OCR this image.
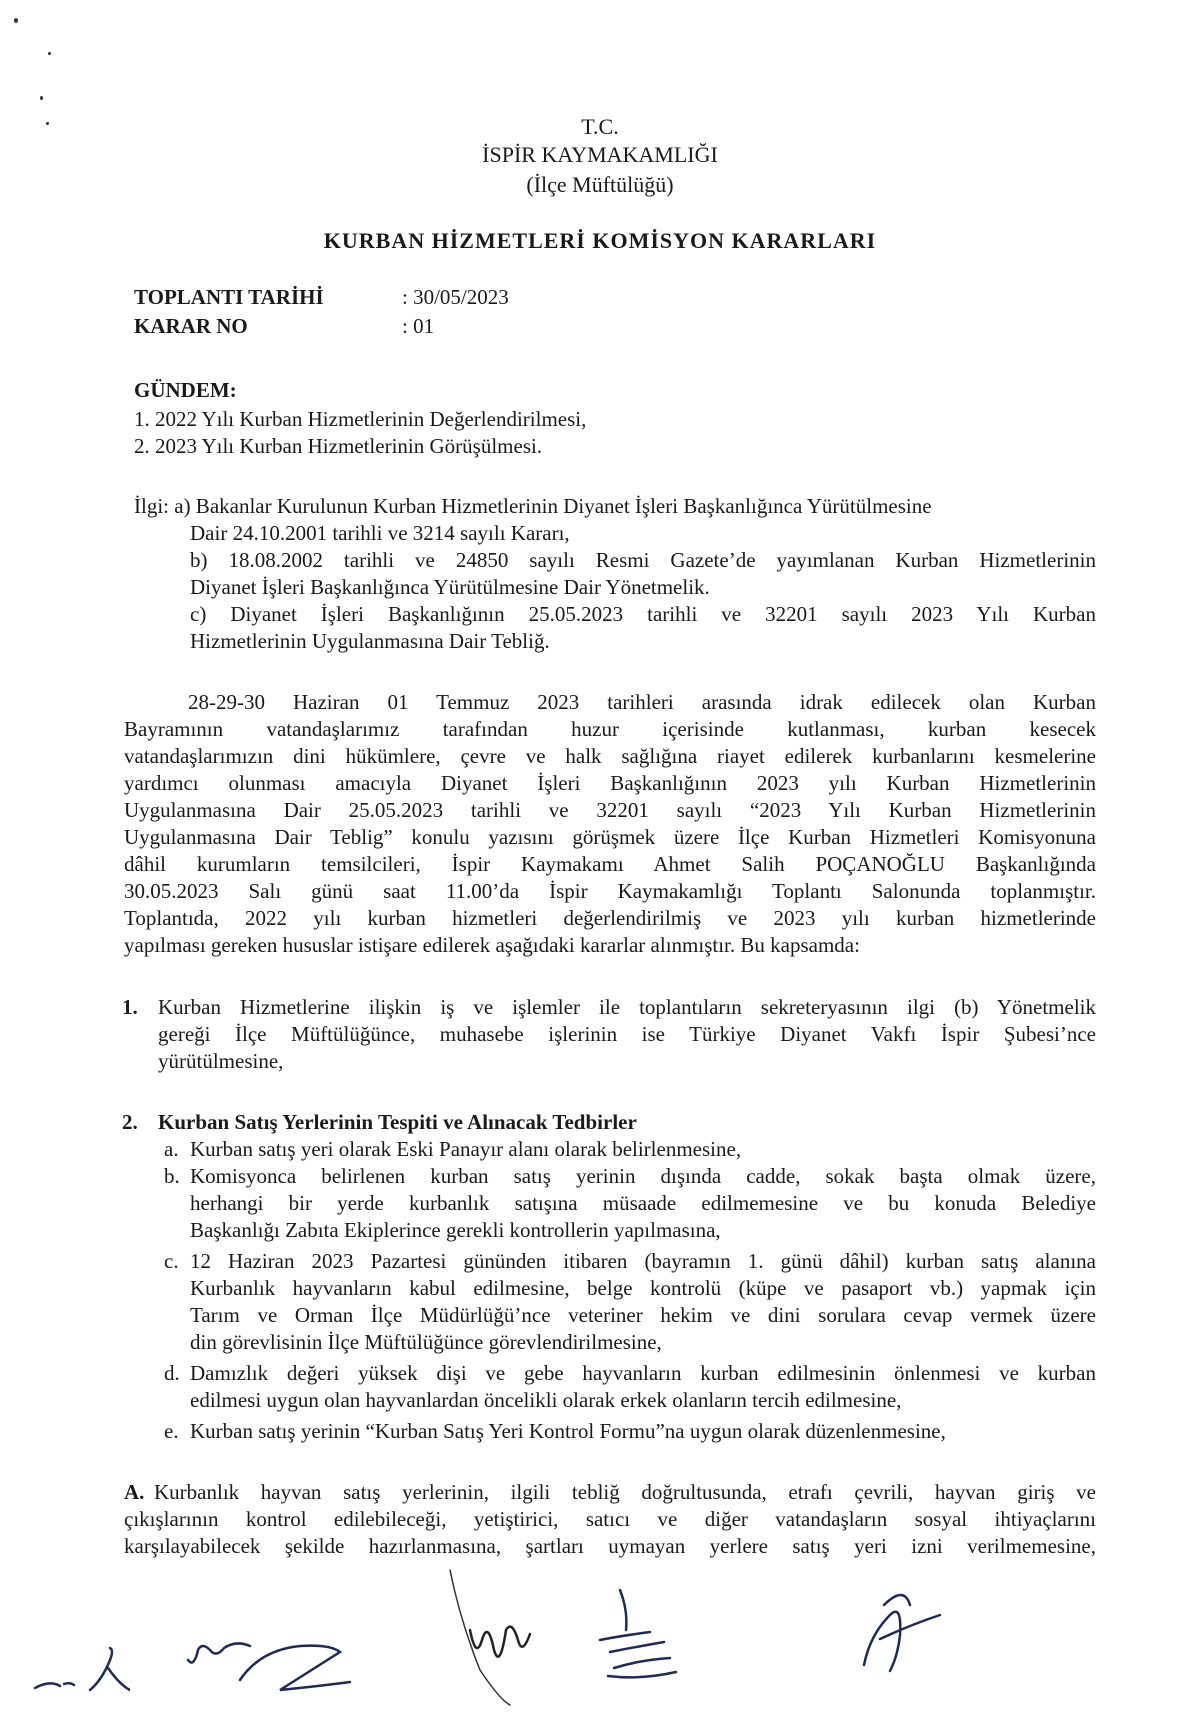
T.C.
İSPİR KAYMAKAMLIĞI
(İlçe Müftülüğü)
KURBAN HİZMETLERİ KOMİSYON KARARLARI
TOPLANTI TARİHİ	: 30/05/2023
KARAR NO	: 01
GÜNDEM:
1. 2022 Yılı Kurban Hizmetlerinin Değerlendirilmesi,
2. 2023 Yılı Kurban Hizmetlerinin Görüşülmesi.
İlgi: a) Bakanlar Kurulunun Kurban Hizmetlerinin Diyanet İşleri Başkanlığınca Yürütülmesine
Dair 24.10.2001 tarihli ve 3214 sayılı Kararı,
b) 18.08.2002 tarihli ve 24850 sayılı Resmi Gazete’de yayımlanan Kurban Hizmetlerinin
Diyanet İşleri Başkanlığınca Yürütülmesine Dair Yönetmelik.
c) Diyanet İşleri Başkanlığının 25.05.2023 tarihli ve 32201 sayılı 2023 Yılı Kurban
Hizmetlerinin Uygulanmasına Dair Tebliğ.
28-29-30 Haziran 01 Temmuz 2023 tarihleri arasında idrak edilecek olan Kurban
Bayramının vatandaşlarımız tarafından huzur içerisinde kutlanması, kurban kesecek
vatandaşlarımızın dini hükümlere, çevre ve halk sağlığına riayet edilerek kurbanlarını kesmelerine
yardımcı olunması amacıyla Diyanet İşleri Başkanlığının 2023 yılı Kurban Hizmetlerinin
Uygulanmasına Dair 25.05.2023 tarihli ve 32201 sayılı “2023 Yılı Kurban Hizmetlerinin
Uygulanmasına Dair Teblig” konulu yazısını görüşmek üzere İlçe Kurban Hizmetleri Komisyonuna
dâhil kurumların temsilcileri, İspir Kaymakamı Ahmet Salih POÇANOĞLU Başkanlığında
30.05.2023 Salı günü saat 11.00’da İspir Kaymakamlığı Toplantı Salonunda toplanmıştır.
Toplantıda, 2022 yılı kurban hizmetleri değerlendirilmiş ve 2023 yılı kurban hizmetlerinde
yapılması gereken hususlar istişare edilerek aşağıdaki kararlar alınmıştır. Bu kapsamda:
1. Kurban Hizmetlerine ilişkin iş ve işlemler ile toplantıların sekreteryasının ilgi (b) Yönetmelik
gereği İlçe Müftülüğünce, muhasebe işlerinin ise Türkiye Diyanet Vakfı İspir Şubesi’nce
yürütülmesine,
2. Kurban Satış Yerlerinin Tespiti ve Alınacak Tedbirler
a. Kurban satış yeri olarak Eski Panayır alanı olarak belirlenmesine,
b. Komisyonca belirlenen kurban satış yerinin dışında cadde, sokak başta olmak üzere,
herhangi bir yerde kurbanlık satışına müsaade edilmemesine ve bu konuda Belediye
Başkanlığı Zabıta Ekiplerince gerekli kontrollerin yapılmasına,
c. 12 Haziran 2023 Pazartesi gününden itibaren (bayramın 1. günü dâhil) kurban satış alanına
Kurbanlık hayvanların kabul edilmesine, belge kontrolü (küpe ve pasaport vb.) yapmak için
Tarım ve Orman İlçe Müdürlüğü’nce veteriner hekim ve dini sorulara cevap vermek üzere
din görevlisinin İlçe Müftülüğünce görevlendirilmesine,
d. Damızlık değeri yüksek dişi ve gebe hayvanların kurban edilmesinin önlenmesi ve kurban
edilmesi uygun olan hayvanlardan öncelikli olarak erkek olanların tercih edilmesine,
e. Kurban satış yerinin “Kurban Satış Yeri Kontrol Formu”na uygun olarak düzenlenmesine,
A. Kurbanlık hayvan satış yerlerinin, ilgili tebliğ doğrultusunda, etrafı çevrili, hayvan giriş ve
çıkışlarının kontrol edilebileceği, yetiştirici, satıcı ve diğer vatandaşların sosyal ihtiyaçlarını
karşılayabilecek şekilde hazırlanmasına, şartları uymayan yerlere satış yeri izni verilmemesine,
